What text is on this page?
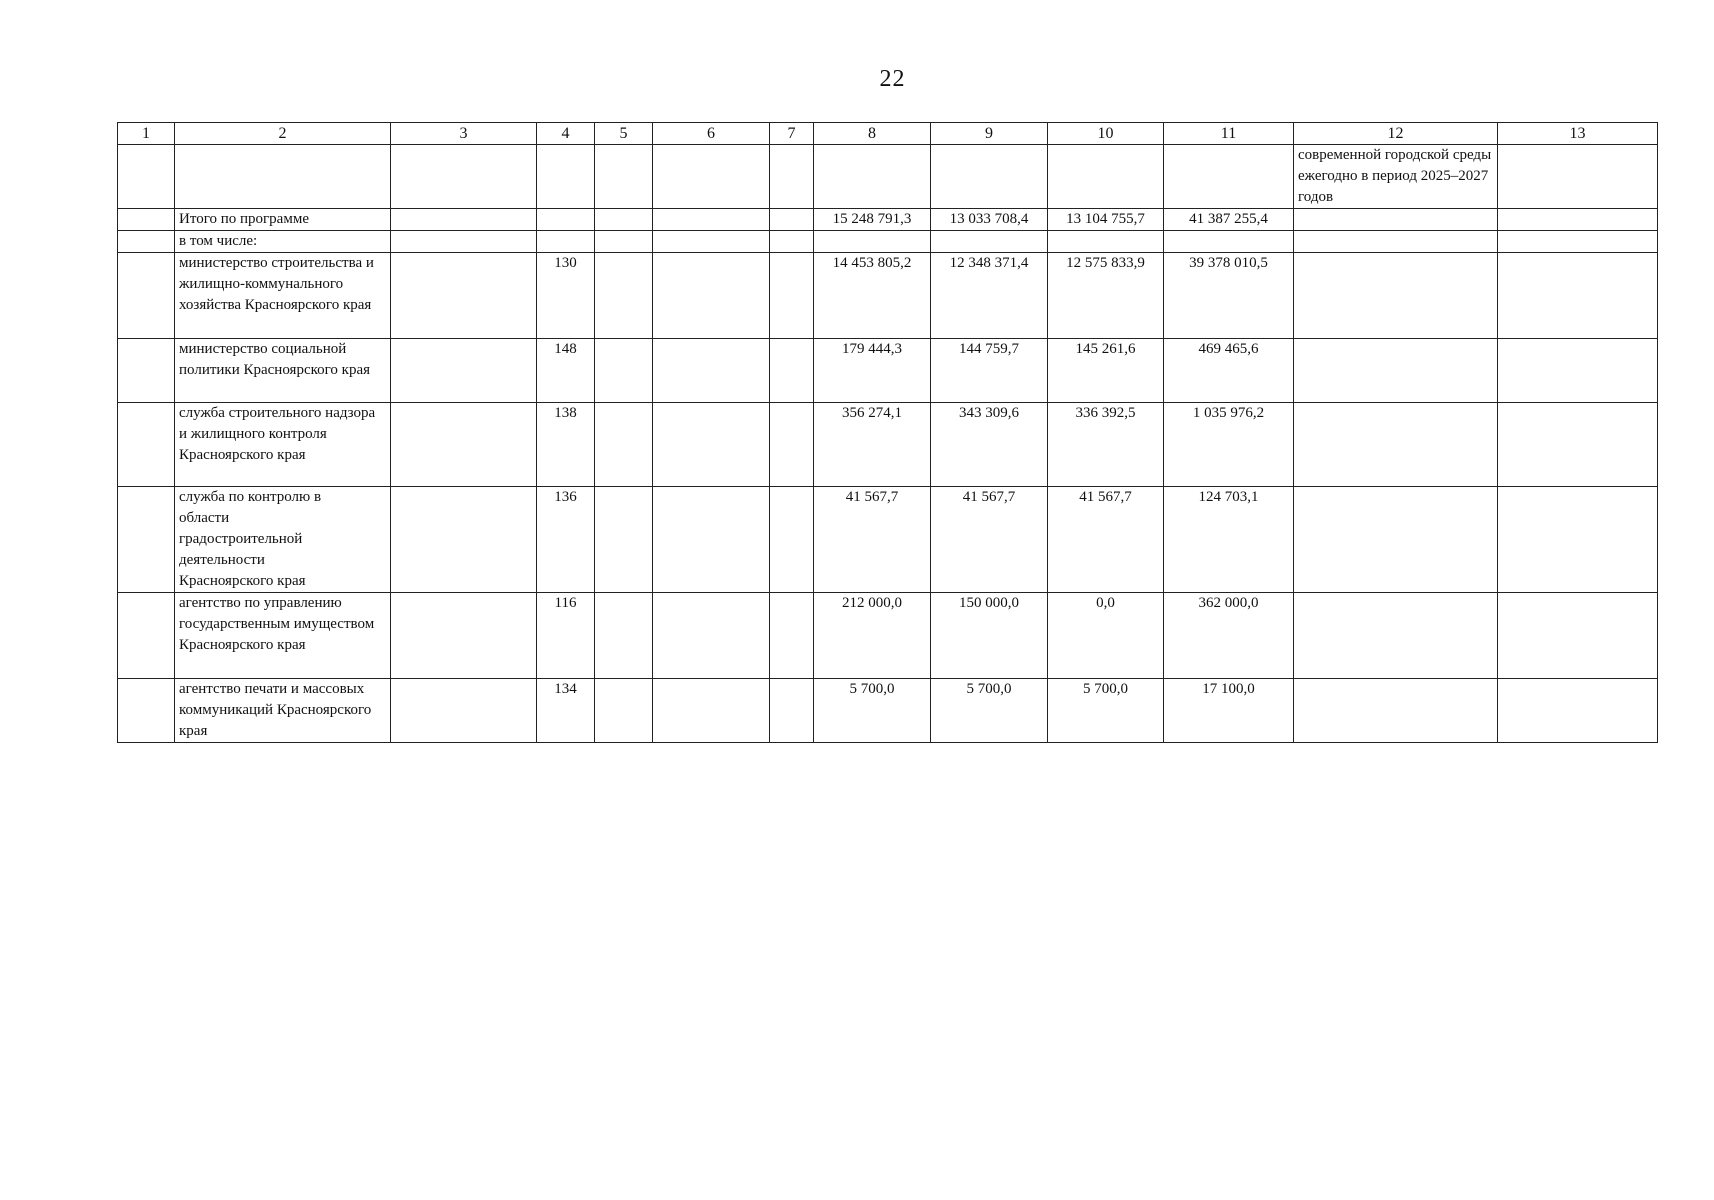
22
1	2	3	4	5	6	7	8	9	10	11	12	13
											современной городской среды ежегодно в период 2025–2027 годов	
	Итого по программе						15 248 791,3	13 033 708,4	13 104 755,7	41 387 255,4		
	в том числе:											
	министерство строительства и жилищно-коммунального хозяйства Красноярского края		130				14 453 805,2	12 348 371,4	12 575 833,9	39 378 010,5		
	министерство социальной политики Красноярского края		148				179 444,3	144 759,7	145 261,6	469 465,6		
	служба строительного надзора и жилищного контроля Красноярского края		138				356 274,1	343 309,6	336 392,5	1 035 976,2		
	служба по контролю в области градостроительной деятельности Красноярского края		136				41 567,7	41 567,7	41 567,7	124 703,1		
	агентство по управлению государственным имуществом Красноярского края		116				212 000,0	150 000,0	0,0	362 000,0		
	агентство печати и массовых коммуникаций Красноярского края		134				5 700,0	5 700,0	5 700,0	17 100,0		
